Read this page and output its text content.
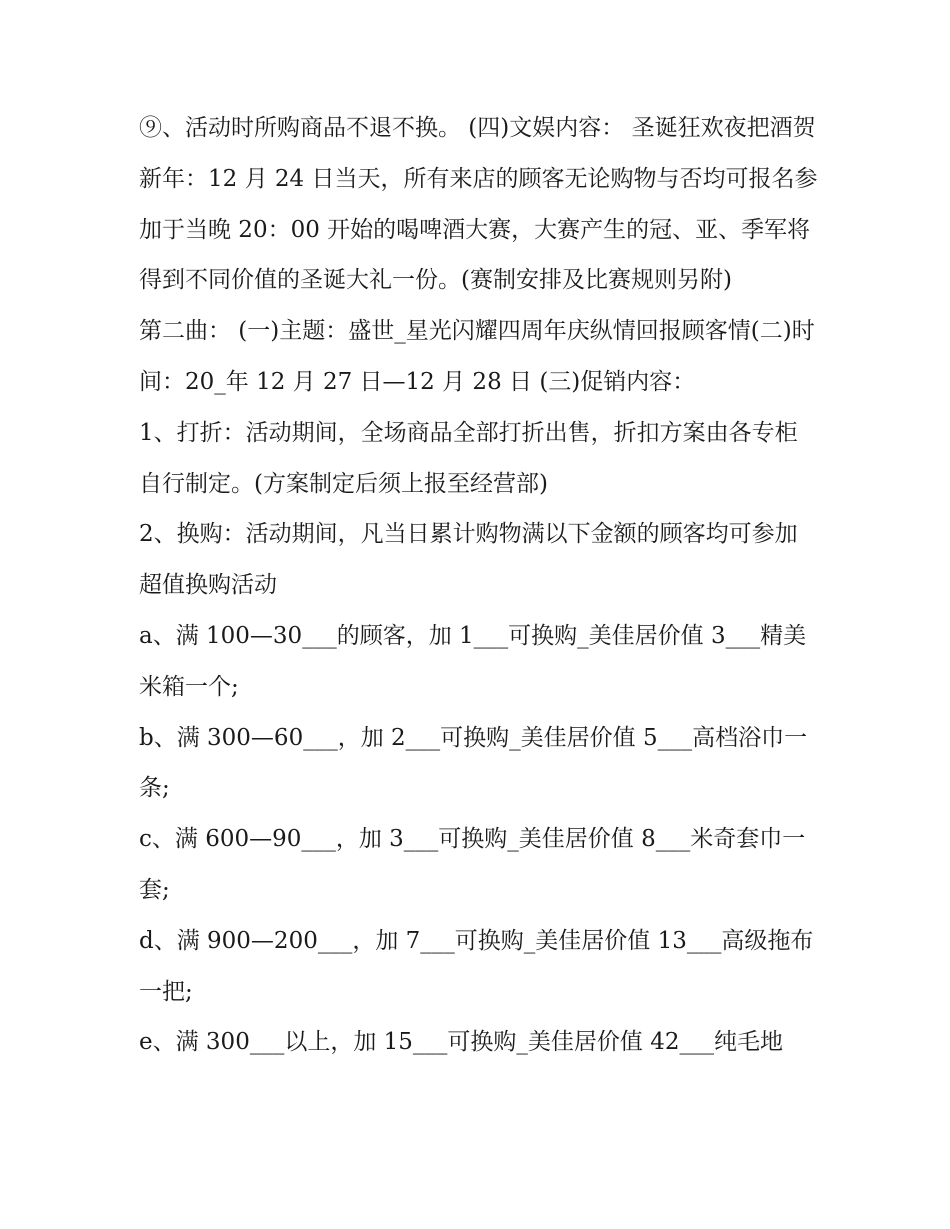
⑨、活动时所购商品不退不换。 (四)文娱内容： 圣诞狂欢夜把酒贺新年：12 月 24 日当天，所有来店的顾客无论购物与否均可报名参加于当晚 20：00 开始的喝啤酒大赛，大赛产生的冠、亚、季军将得到不同价值的圣诞大礼一份。(赛制安排及比赛规则另附)

第二曲： (一)主题：盛世_星光闪耀四周年庆纵情回报顾客情(二)时间：20_年 12 月 27 日—12 月 28 日 (三)促销内容：

1、打折：活动期间，全场商品全部打折出售，折扣方案由各专柜自行制定。(方案制定后须上报至经营部)

2、换购：活动期间，凡当日累计购物满以下金额的顾客均可参加超值换购活动

a、满 100—30___的顾客，加 1___可换购_美佳居价值 3___精美米箱一个;

b、满 300—60___，加 2___可换购_美佳居价值 5___高档浴巾一条;

c、满 600—90___，加 3___可换购_美佳居价值 8___米奇套巾一套;

d、满 900—200___，加 7___可换购_美佳居价值 13___高级拖布一把;

e、满 300___以上，加 15___可换购_美佳居价值 42___纯毛地
